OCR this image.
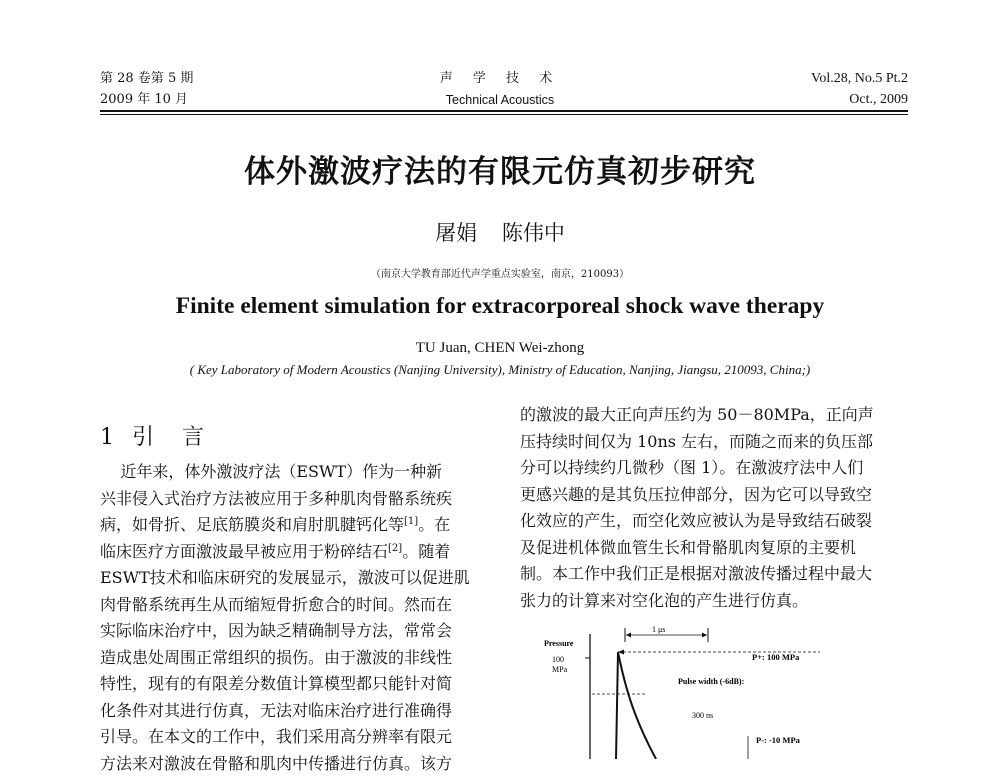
第 28 卷第 5 期
2009 年 10 月
声 学 技 术
Technical Acoustics
Vol.28, No.5 Pt.2
Oct., 2009
体外激波疗法的有限元仿真初步研究
屠娟 陈伟中
（南京大学教育部近代声学重点实验室，南京，210093）
Finite element simulation for extracorporeal shock wave therapy
TU Juan, CHEN Wei-zhong
( Key Laboratory of Modern Acoustics (Nanjing University), Ministry of Education, Nanjing, Jiangsu, 210093, China;)
1 引 言
近年来，体外激波疗法（ESWT）作为一种新
兴非侵入式治疗方法被应用于多种肌肉骨骼系统疾
病，如骨折、足底筋膜炎和肩肘肌腱钙化等[1]。在
临床医疗方面激波最早被应用于粉碎结石[2]。随着
ESWT技术和临床研究的发展显示，激波可以促进肌
肉骨骼系统再生从而缩短骨折愈合的时间。然而在
实际临床治疗中，因为缺乏精确制导方法，常常会
造成患处周围正常组织的损伤。由于激波的非线性
特性，现有的有限差分数值计算模型都只能针对简
化条件对其进行仿真，无法对临床治疗进行准确得
引导。在本文的工作中，我们采用高分辨率有限元
方法来对激波在骨骼和肌肉中传播进行仿真。该方
的激波的最大正向声压约为 50－80MPa，正向声
压持续时间仅为 10ns 左右，而随之而来的负压部
分可以持续约几微秒（图 1）。在激波疗法中人们
更感兴趣的是其负压拉伸部分，因为它可以导致空
化效应的产生，而空化效应被认为是导致结石破裂
及促进机体微血管生长和骨骼肌肉复原的主要机
制。本工作中我们正是根据对激波传播过程中最大
张力的计算来对空化泡的产生进行仿真。
Pressure
100
MPa
1 μs
P+: 100 MPa
Pulse width (-6dB):
300 ns
P-: -10 MPa
